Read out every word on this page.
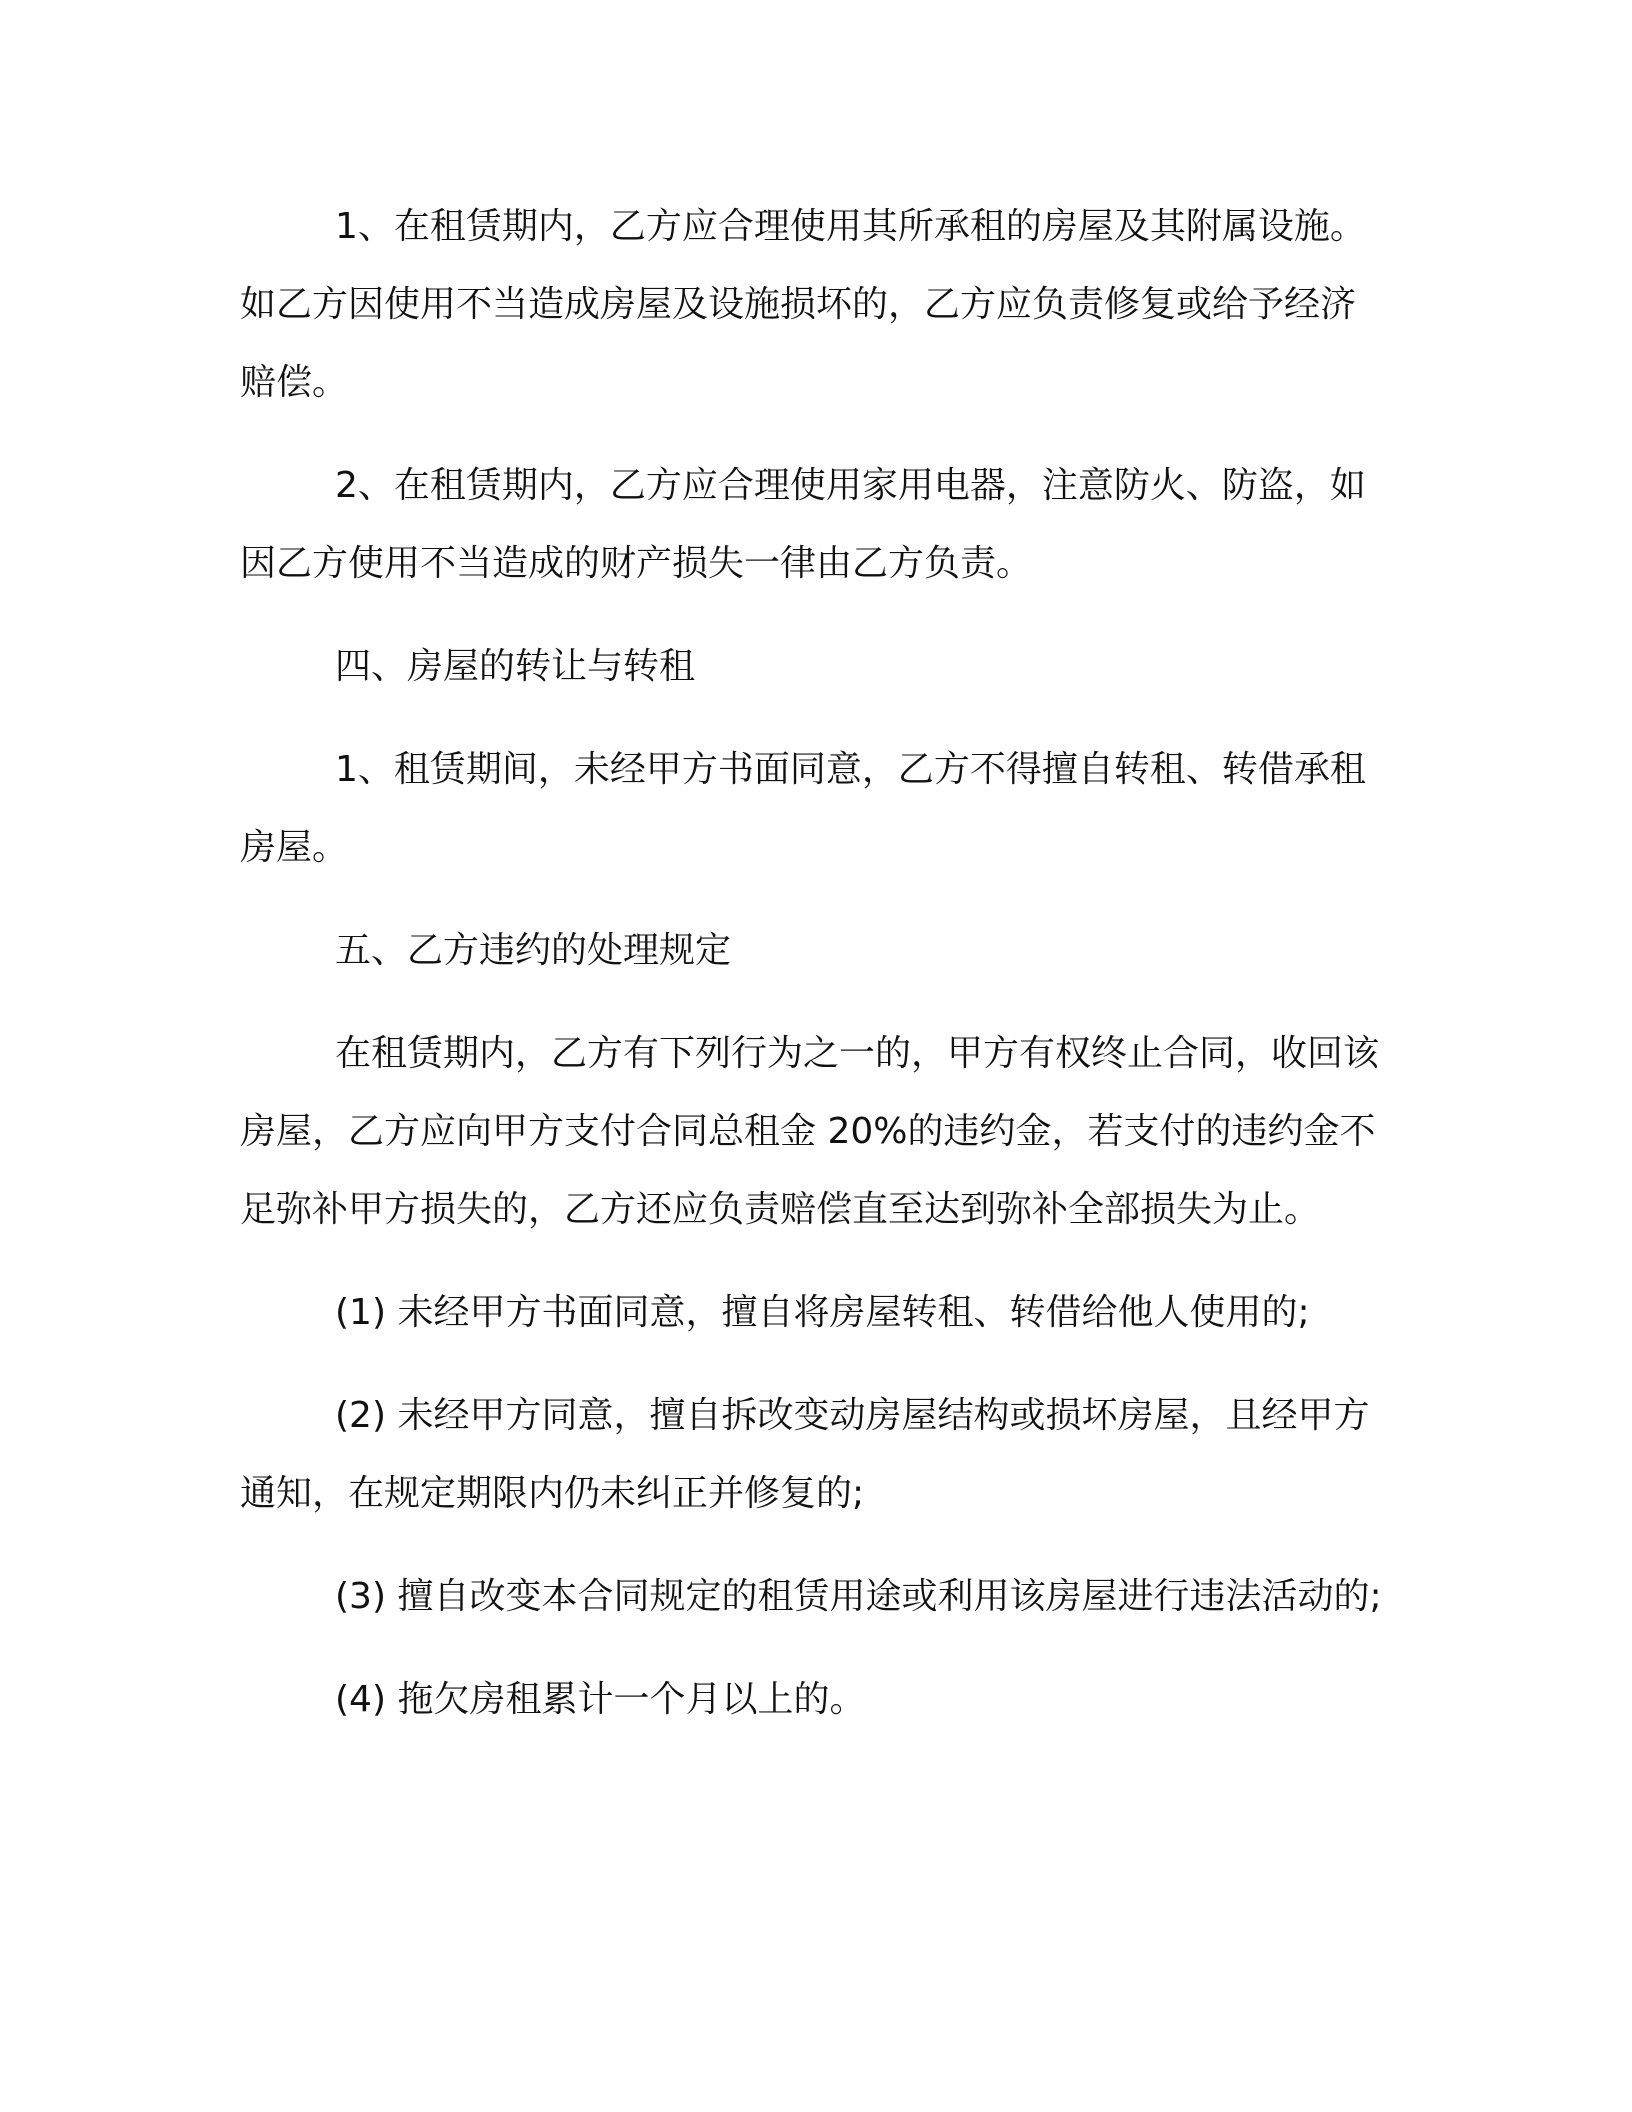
1、在租赁期内，乙方应合理使用其所承租的房屋及其附属设施。如乙方因使用不当造成房屋及设施损坏的，乙方应负责修复或给予经济赔偿。

2、在租赁期内，乙方应合理使用家用电器，注意防火、防盗，如因乙方使用不当造成的财产损失一律由乙方负责。

四、房屋的转让与转租

1、租赁期间，未经甲方书面同意，乙方不得擅自转租、转借承租房屋。

五、乙方违约的处理规定

在租赁期内，乙方有下列行为之一的，甲方有权终止合同，收回该房屋，乙方应向甲方支付合同总租金 20%的违约金，若支付的违约金不足弥补甲方损失的，乙方还应负责赔偿直至达到弥补全部损失为止。

(1) 未经甲方书面同意，擅自将房屋转租、转借给他人使用的;

(2) 未经甲方同意，擅自拆改变动房屋结构或损坏房屋，且经甲方通知，在规定期限内仍未纠正并修复的;

(3) 擅自改变本合同规定的租赁用途或利用该房屋进行违法活动的;

(4) 拖欠房租累计一个月以上的。
